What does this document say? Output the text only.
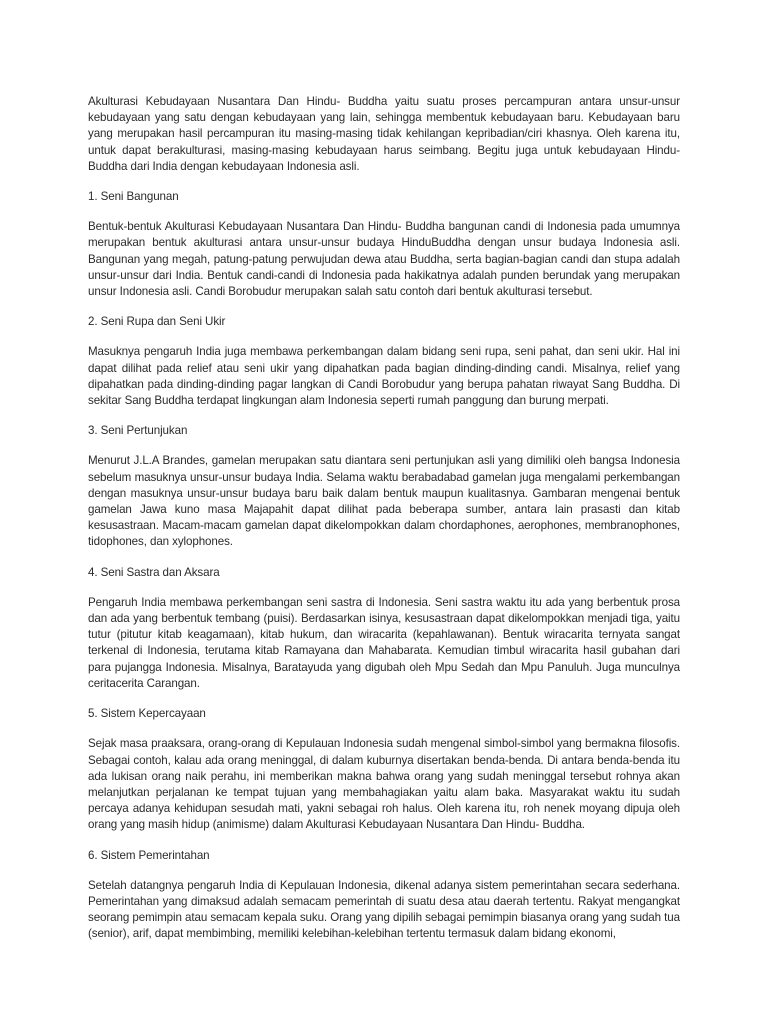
Akulturasi Kebudayaan Nusantara Dan Hindu- Buddha yaitu suatu proses percampuran antara unsur-unsur kebudayaan yang satu dengan kebudayaan yang lain, sehingga membentuk kebudayaan baru. Kebudayaan baru yang merupakan hasil percampuran itu masing-masing tidak kehilangan kepribadian/ciri khasnya. Oleh karena itu, untuk dapat berakulturasi, masing-masing kebudayaan harus seimbang. Begitu juga untuk kebudayaan Hindu-Buddha dari India dengan kebudayaan Indonesia asli.

1. Seni Bangunan

Bentuk-bentuk Akulturasi Kebudayaan Nusantara Dan Hindu- Buddha bangunan candi di Indonesia pada umumnya merupakan bentuk akulturasi antara unsur-unsur budaya HinduBuddha dengan unsur budaya Indonesia asli. Bangunan yang megah, patung-patung perwujudan dewa atau Buddha, serta bagian-bagian candi dan stupa adalah unsur-unsur dari India. Bentuk candi-candi di Indonesia pada hakikatnya adalah punden berundak yang merupakan unsur Indonesia asli. Candi Borobudur merupakan salah satu contoh dari bentuk akulturasi tersebut.

2. Seni Rupa dan Seni Ukir

Masuknya pengaruh India juga membawa perkembangan dalam bidang seni rupa, seni pahat, dan seni ukir. Hal ini dapat dilihat pada relief atau seni ukir yang dipahatkan pada bagian dinding-dinding candi. Misalnya, relief yang dipahatkan pada dinding-dinding pagar langkan di Candi Borobudur yang berupa pahatan riwayat Sang Buddha. Di sekitar Sang Buddha terdapat lingkungan alam Indonesia seperti rumah panggung dan burung merpati.

3. Seni Pertunjukan

Menurut J.L.A Brandes, gamelan merupakan satu diantara seni pertunjukan asli yang dimiliki oleh bangsa Indonesia sebelum masuknya unsur-unsur budaya India. Selama waktu berabadabad gamelan juga mengalami perkembangan dengan masuknya unsur-unsur budaya baru baik dalam bentuk maupun kualitasnya. Gambaran mengenai bentuk gamelan Jawa kuno masa Majapahit dapat dilihat pada beberapa sumber, antara lain prasasti dan kitab kesusastraan. Macam-macam gamelan dapat dikelompokkan dalam chordaphones, aerophones, membranophones, tidophones, dan xylophones.

4. Seni Sastra dan Aksara

Pengaruh India membawa perkembangan seni sastra di Indonesia. Seni sastra waktu itu ada yang berbentuk prosa dan ada yang berbentuk tembang (puisi). Berdasarkan isinya, kesusastraan dapat dikelompokkan menjadi tiga, yaitu tutur (pitutur kitab keagamaan), kitab hukum, dan wiracarita (kepahlawanan). Bentuk wiracarita ternyata sangat terkenal di Indonesia, terutama kitab Ramayana dan Mahabarata. Kemudian timbul wiracarita hasil gubahan dari para pujangga Indonesia. Misalnya, Baratayuda yang digubah oleh Mpu Sedah dan Mpu Panuluh. Juga munculnya ceritacerita Carangan.

5. Sistem Kepercayaan

Sejak masa praaksara, orang-orang di Kepulauan Indonesia sudah mengenal simbol-simbol yang bermakna filosofis. Sebagai contoh, kalau ada orang meninggal, di dalam kuburnya disertakan benda-benda. Di antara benda-benda itu ada lukisan orang naik perahu, ini memberikan makna bahwa orang yang sudah meninggal tersebut rohnya akan melanjutkan perjalanan ke tempat tujuan yang membahagiakan yaitu alam baka. Masyarakat waktu itu sudah percaya adanya kehidupan sesudah mati, yakni sebagai roh halus. Oleh karena itu, roh nenek moyang dipuja oleh orang yang masih hidup (animisme) dalam Akulturasi Kebudayaan Nusantara Dan Hindu- Buddha.

6. Sistem Pemerintahan

Setelah datangnya pengaruh India di Kepulauan Indonesia, dikenal adanya sistem pemerintahan secara sederhana. Pemerintahan yang dimaksud adalah semacam pemerintah di suatu desa atau daerah tertentu. Rakyat mengangkat seorang pemimpin atau semacam kepala suku. Orang yang dipilih sebagai pemimpin biasanya orang yang sudah tua (senior), arif, dapat membimbing, memiliki kelebihan-kelebihan tertentu termasuk dalam bidang ekonomi,
